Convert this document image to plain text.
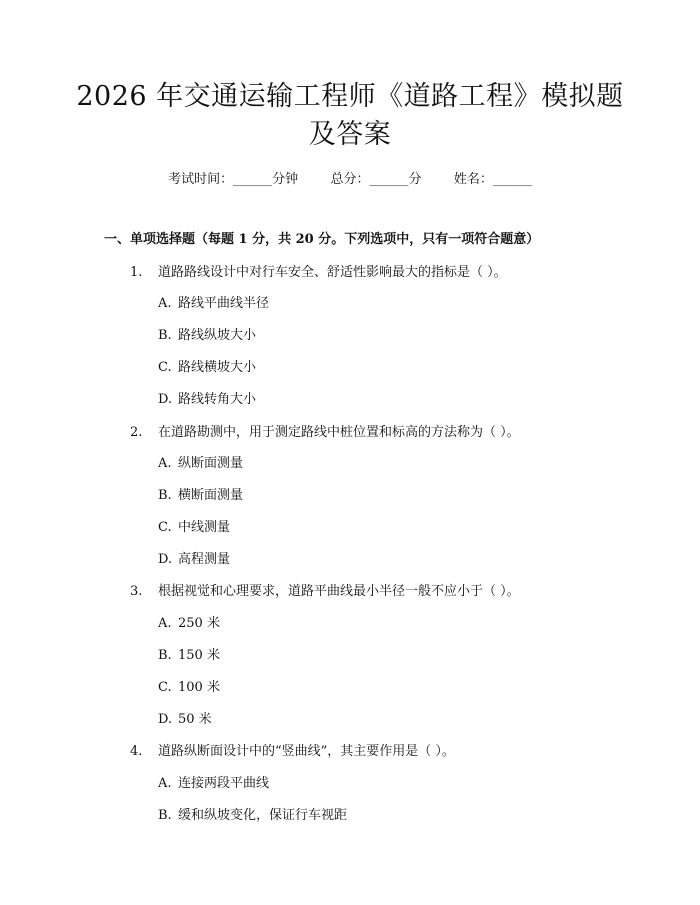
2026 年交通运输工程师《道路工程》模拟题
及答案
考试时间：______分钟 总分：______分 姓名：______
一、单项选择题（每题 1 分，共 20 分。下列选项中，只有一项符合题意）
1. 道路路线设计中对行车安全、舒适性影响最大的指标是（ ）。
A. 路线平曲线半径
B. 路线纵坡大小
C. 路线横坡大小
D. 路线转角大小
2. 在道路勘测中，用于测定路线中桩位置和标高的方法称为（ ）。
A. 纵断面测量
B. 横断面测量
C. 中线测量
D. 高程测量
3. 根据视觉和心理要求，道路平曲线最小半径一般不应小于（ ）。
A. 250 米
B. 150 米
C. 100 米
D. 50 米
4. 道路纵断面设计中的“竖曲线”，其主要作用是（ ）。
A. 连接两段平曲线
B. 缓和纵坡变化，保证行车视距
